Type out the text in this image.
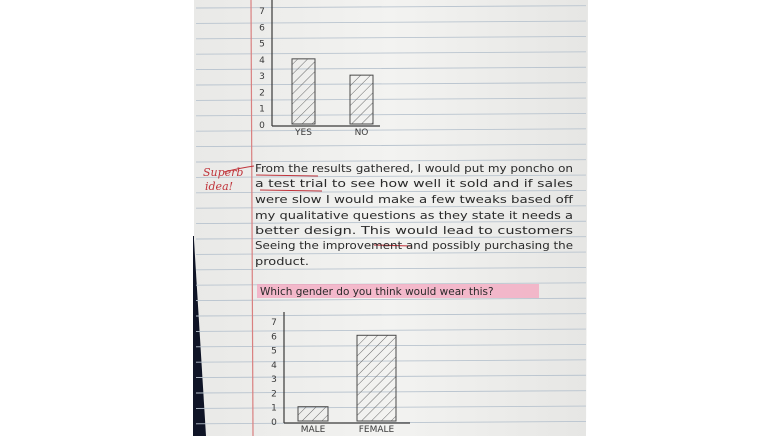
7
6
5
4
3
2
1
0
YES	NO
Superb
idea!
From the results gathered, I would put my poncho on
a test trial to see how well it sold and if sales
were slow I would make a few tweaks based off
my qualitative questions as they state it needs a
better design. This would lead to customers
Seeing the improvement and possibly purchasing the
product.
Which gender do you think would wear this?
7
6
5
4
3
2
1
0
MALE	FEMALE
